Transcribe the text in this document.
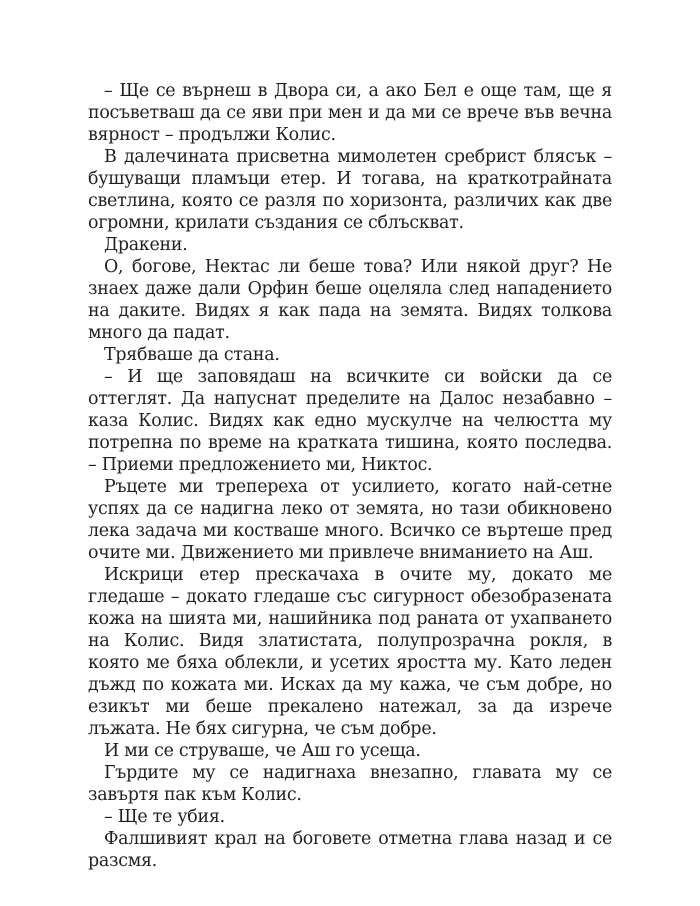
– Ще се върнеш в Двора си, а ако Бел е още там, ще я посъветваш да се яви при мен и да ми се врече във вечна вярност – продължи Колис.

В далечината присветна мимолетен сребрист блясък – бушуващи пламъци етер. И тогава, на краткотрайната светлина, която се разля по хоризонта, различих как две огромни, крилати създания се сблъскват.

Дракени.

О, богове, Нектас ли беше това? Или някой друг? Не знаех даже дали Орфин беше оцеляла след нападението на даките. Видях я как пада на земята. Видях толкова много да падат.

Трябваше да стана.

– И ще заповядаш на всичките си войски да се оттеглят. Да напуснат пределите на Далос незабавно – каза Колис. Видях как едно мускулче на челюстта му потрепна по време на кратката тишина, която последва. – Приеми предложението ми, Никтос.

Ръцете ми трепереха от усилието, когато най-сетне успях да се надигна леко от земята, но тази обикновено лека задача ми костваше много. Всичко се въртеше пред очите ми. Движението ми привлече вниманието на Аш.

Искрици етер прескачаха в очите му, докато ме гледаше – докато гледаше със сигурност обезобразената кожа на шията ми, нашийника под раната от ухапването на Колис. Видя златистата, полупрозрачна рокля, в която ме бяха облекли, и усетих яростта му. Като леден дъжд по кожата ми. Исках да му кажа, че съм добре, но езикът ми беше прекалено натежал, за да изрече лъжата. Не бях сигурна, че съм добре.

И ми се струваше, че Аш го усеща.

Гърдите му се надигнаха внезапно, главата му се завъртя пак към Колис.

– Ще те убия.

Фалшивият крал на боговете отметна глава назад и се разсмя.
